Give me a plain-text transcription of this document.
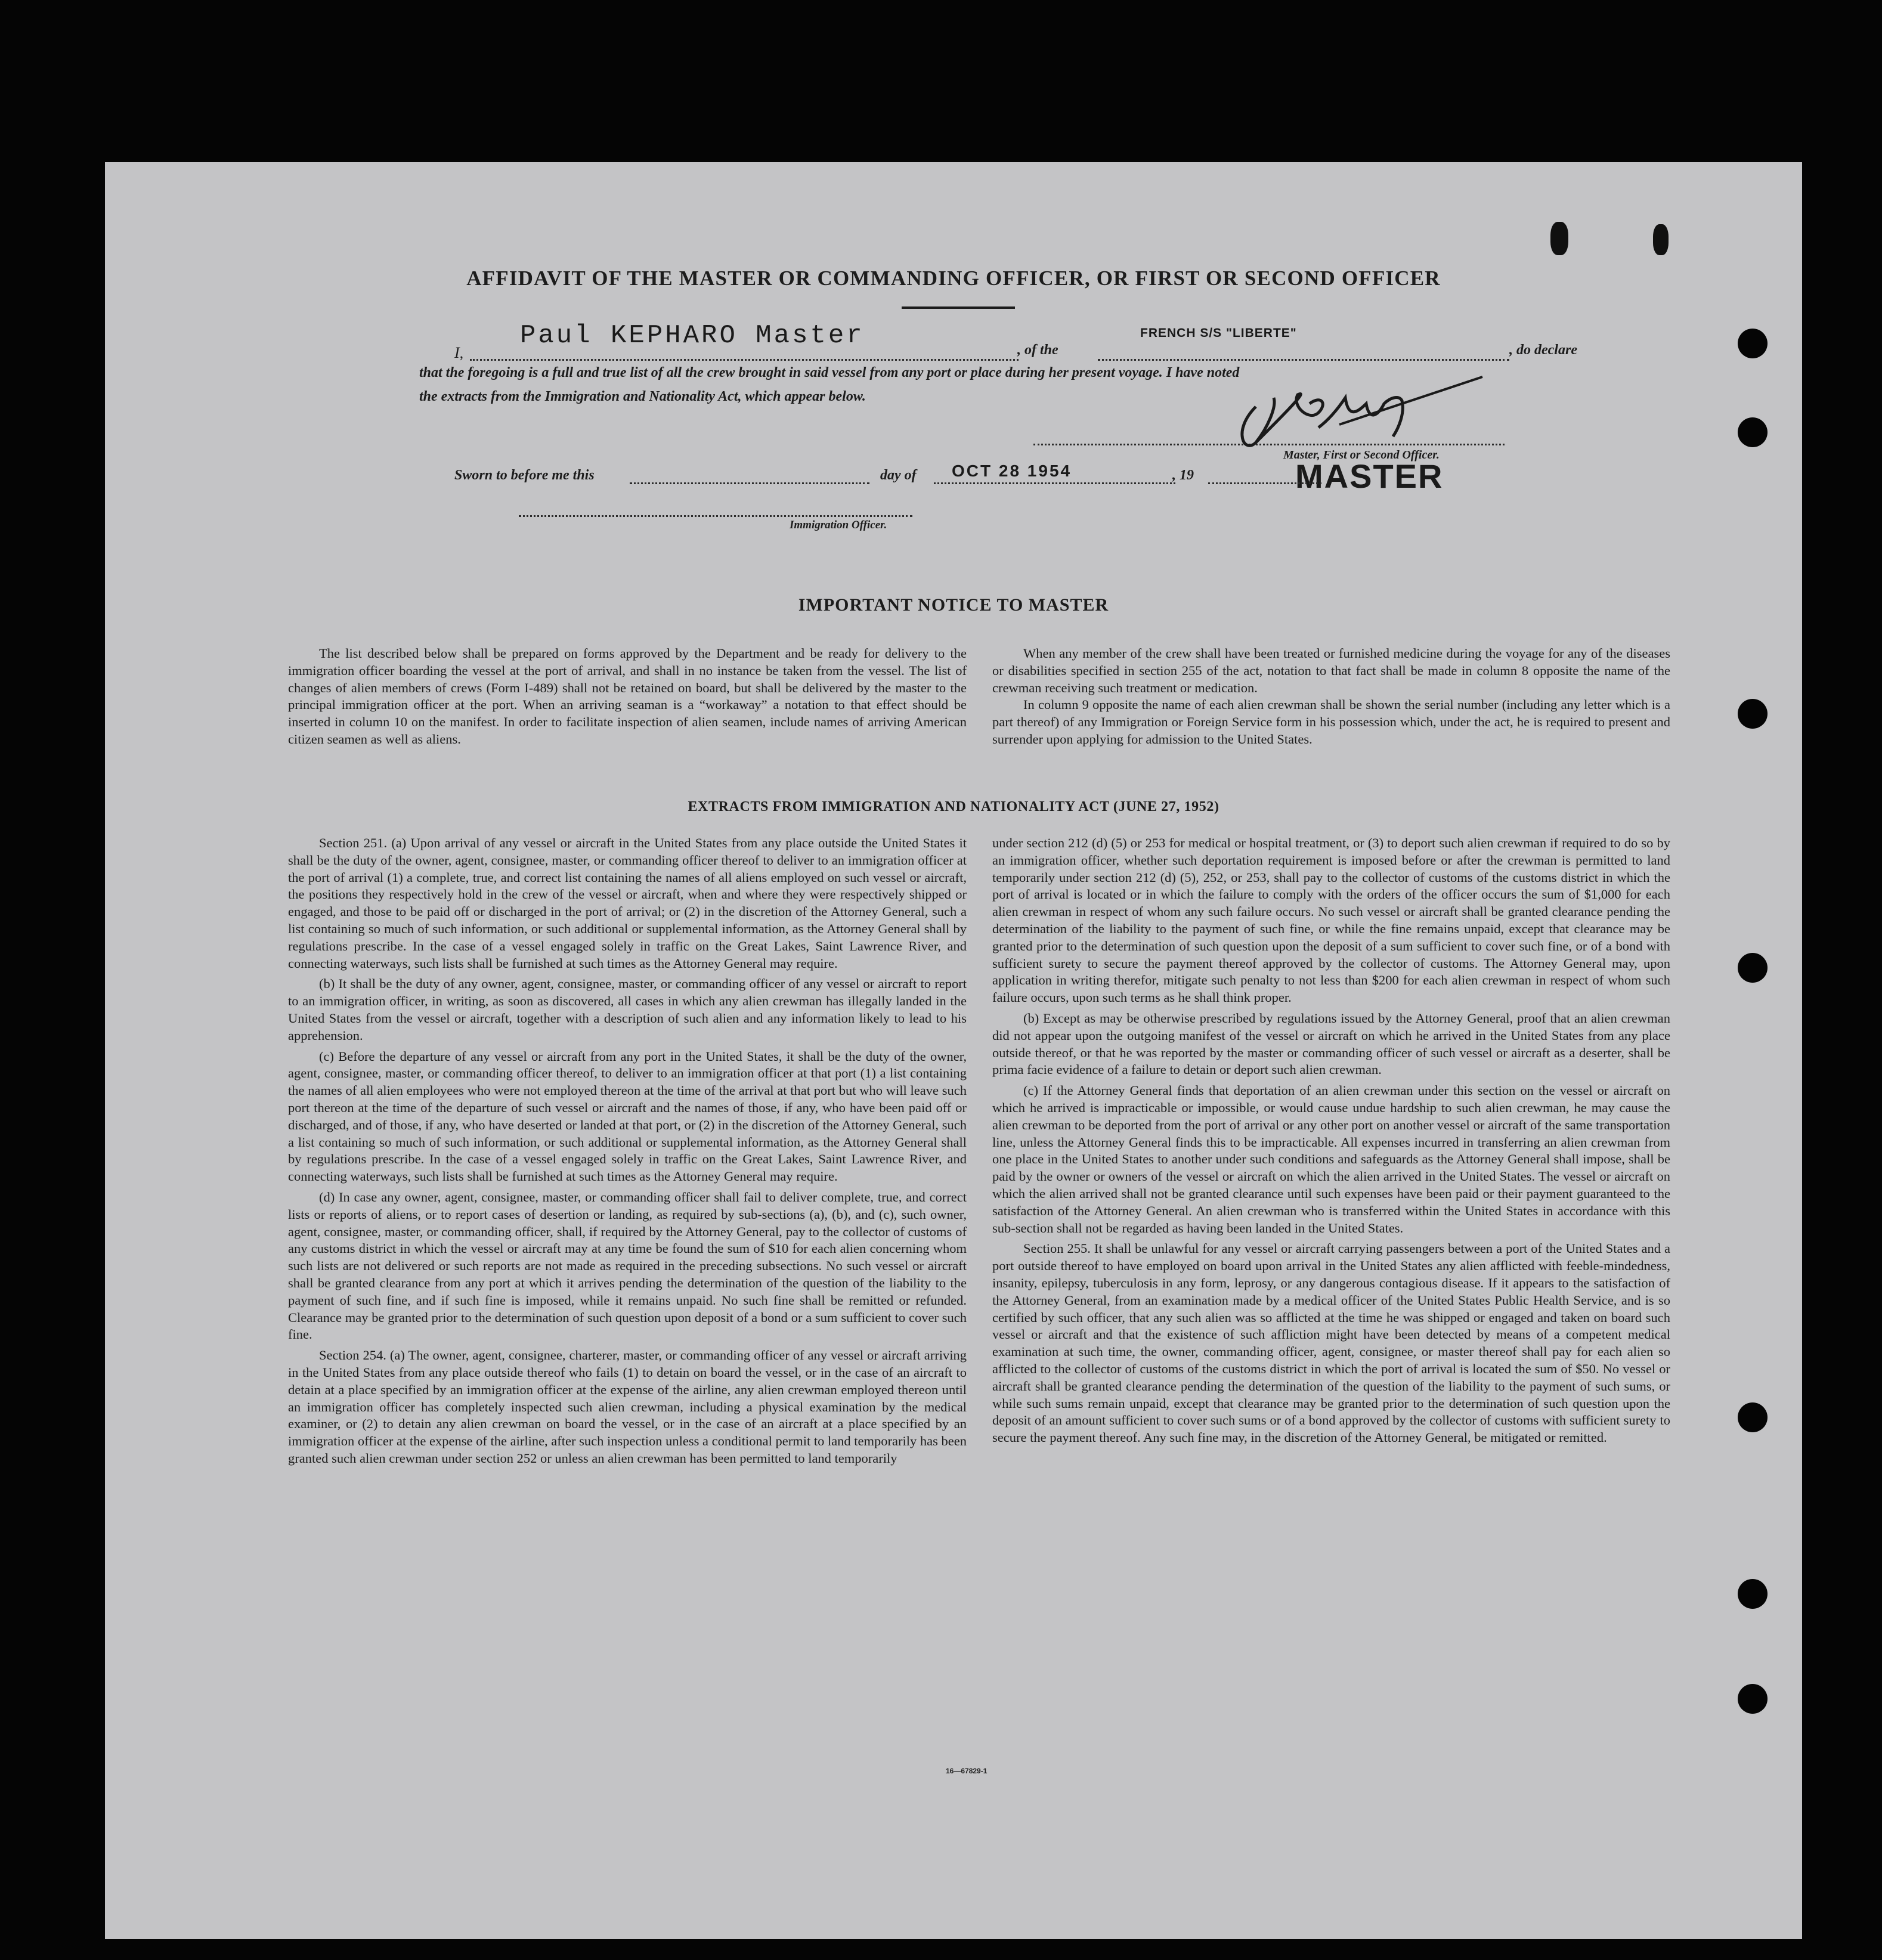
AFFIDAVIT OF THE MASTER OR COMMANDING OFFICER, OR FIRST OR SECOND OFFICER
I,
Paul KEPHARO Master	, of the
FRENCH S/S "LIBERTE"
, do declare
that the foregoing is a full and true list of all the crew brought in said vessel from any port or place during her present voyage. I have noted
the extracts from the Immigration and Nationality Act, which appear below.
Master, First or Second Officer.
MASTER
Sworn to before me this	day of OCT 28 1954	, 19
Immigration Officer.
IMPORTANT NOTICE TO MASTER

The list described below shall be prepared on forms approved by the Department and be ready for delivery to the immigration officer boarding the vessel at the port of arrival, and shall in no instance be taken from the vessel. The list of changes of alien members of crews (Form I-489) shall not be retained on board, but shall be delivered by the master to the principal immigration officer at the port. When an arriving seaman is a “workaway” a notation to that effect should be inserted in column 10 on the manifest. In order to facilitate inspection of alien seamen, include names of arriving American citizen seamen as well as aliens.

When any member of the crew shall have been treated or furnished medicine during the voyage for any of the diseases or disabilities specified in section 255 of the act, notation to that fact shall be made in column 8 opposite the name of the crewman receiving such treatment or medication.

In column 9 opposite the name of each alien crewman shall be shown the serial number (including any letter which is a part thereof) of any Immigration or Foreign Service form in his possession which, under the act, he is required to present and surrender upon applying for admission to the United States.

EXTRACTS FROM IMMIGRATION AND NATIONALITY ACT (JUNE 27, 1952)

Section 251. (a) Upon arrival of any vessel or aircraft in the United States from any place outside the United States it shall be the duty of the owner, agent, consignee, master, or commanding officer thereof to deliver to an immigration officer at the port of arrival (1) a complete, true, and correct list containing the names of all aliens employed on such vessel or aircraft, the positions they respectively hold in the crew of the vessel or aircraft, when and where they were respectively shipped or engaged, and those to be paid off or discharged in the port of arrival; or (2) in the discretion of the Attorney General, such a list containing so much of such information, or such additional or supplemental information, as the Attorney General shall by regulations prescribe. In the case of a vessel engaged solely in traffic on the Great Lakes, Saint Lawrence River, and connecting waterways, such lists shall be furnished at such times as the Attorney General may require.

(b) It shall be the duty of any owner, agent, consignee, master, or commanding officer of any vessel or aircraft to report to an immigration officer, in writing, as soon as discovered, all cases in which any alien crewman has illegally landed in the United States from the vessel or aircraft, together with a description of such alien and any information likely to lead to his apprehension.

(c) Before the departure of any vessel or aircraft from any port in the United States, it shall be the duty of the owner, agent, consignee, master, or commanding officer thereof, to deliver to an immigration officer at that port (1) a list containing the names of all alien employees who were not employed thereon at the time of the arrival at that port but who will leave such port thereon at the time of the departure of such vessel or aircraft and the names of those, if any, who have been paid off or discharged, and of those, if any, who have deserted or landed at that port, or (2) in the discretion of the Attorney General, such a list containing so much of such information, or such additional or supplemental information, as the Attorney General shall by regulations prescribe. In the case of a vessel engaged solely in traffic on the Great Lakes, Saint Lawrence River, and connecting waterways, such lists shall be furnished at such times as the Attorney General may require.

(d) In case any owner, agent, consignee, master, or commanding officer shall fail to deliver complete, true, and correct lists or reports of aliens, or to report cases of desertion or landing, as required by sub-sections (a), (b), and (c), such owner, agent, consignee, master, or commanding officer, shall, if required by the Attorney General, pay to the collector of customs of any customs district in which the vessel or aircraft may at any time be found the sum of $10 for each alien concerning whom such lists are not delivered or such reports are not made as required in the preceding subsections. No such vessel or aircraft shall be granted clearance from any port at which it arrives pending the determination of the question of the liability to the payment of such fine, and if such fine is imposed, while it remains unpaid. No such fine shall be remitted or refunded. Clearance may be granted prior to the determination of such question upon deposit of a bond or a sum sufficient to cover such fine.

Section 254. (a) The owner, agent, consignee, charterer, master, or commanding officer of any vessel or aircraft arriving in the United States from any place outside thereof who fails (1) to detain on board the vessel, or in the case of an aircraft to detain at a place specified by an immigration officer at the expense of the airline, any alien crewman employed thereon until an immigration officer has completely inspected such alien crewman, including a physical examination by the medical examiner, or (2) to detain any alien crewman on board the vessel, or in the case of an aircraft at a place specified by an immigration officer at the expense of the airline, after such inspection unless a conditional permit to land temporarily has been granted such alien crewman under section 252 or unless an alien crewman has been permitted to land temporarily

under section 212 (d) (5) or 253 for medical or hospital treatment, or (3) to deport such alien crewman if required to do so by an immigration officer, whether such deportation requirement is imposed before or after the crewman is permitted to land temporarily under section 212 (d) (5), 252, or 253, shall pay to the collector of customs of the customs district in which the port of arrival is located or in which the failure to comply with the orders of the officer occurs the sum of $1,000 for each alien crewman in respect of whom any such failure occurs. No such vessel or aircraft shall be granted clearance pending the determination of the liability to the payment of such fine, or while the fine remains unpaid, except that clearance may be granted prior to the determination of such question upon the deposit of a sum sufficient to cover such fine, or of a bond with sufficient surety to secure the payment thereof approved by the collector of customs. The Attorney General may, upon application in writing therefor, mitigate such penalty to not less than $200 for each alien crewman in respect of whom such failure occurs, upon such terms as he shall think proper.

(b) Except as may be otherwise prescribed by regulations issued by the Attorney General, proof that an alien crewman did not appear upon the outgoing manifest of the vessel or aircraft on which he arrived in the United States from any place outside thereof, or that he was reported by the master or commanding officer of such vessel or aircraft as a deserter, shall be prima facie evidence of a failure to detain or deport such alien crewman.

(c) If the Attorney General finds that deportation of an alien crewman under this section on the vessel or aircraft on which he arrived is impracticable or impossible, or would cause undue hardship to such alien crewman, he may cause the alien crewman to be deported from the port of arrival or any other port on another vessel or aircraft of the same transportation line, unless the Attorney General finds this to be impracticable. All expenses incurred in transferring an alien crewman from one place in the United States to another under such conditions and safeguards as the Attorney General shall impose, shall be paid by the owner or owners of the vessel or aircraft on which the alien arrived in the United States. The vessel or aircraft on which the alien arrived shall not be granted clearance until such expenses have been paid or their payment guaranteed to the satisfaction of the Attorney General. An alien crewman who is transferred within the United States in accordance with this sub-section shall not be regarded as having been landed in the United States.

Section 255. It shall be unlawful for any vessel or aircraft carrying passengers between a port of the United States and a port outside thereof to have employed on board upon arrival in the United States any alien afflicted with feeble-mindedness, insanity, epilepsy, tuberculosis in any form, leprosy, or any dangerous contagious disease. If it appears to the satisfaction of the Attorney General, from an examination made by a medical officer of the United States Public Health Service, and is so certified by such officer, that any such alien was so afflicted at the time he was shipped or engaged and taken on board such vessel or aircraft and that the existence of such affliction might have been detected by means of a competent medical examination at such time, the owner, commanding officer, agent, consignee, or master thereof shall pay for each alien so afflicted to the collector of customs of the customs district in which the port of arrival is located the sum of $50. No vessel or aircraft shall be granted clearance pending the determination of the question of the liability to the payment of such sums, or while such sums remain unpaid, except that clearance may be granted prior to the determination of such question upon the deposit of an amount sufficient to cover such sums or of a bond approved by the collector of customs with sufficient surety to secure the payment thereof. Any such fine may, in the discretion of the Attorney General, be mitigated or remitted.

16—67829-1
